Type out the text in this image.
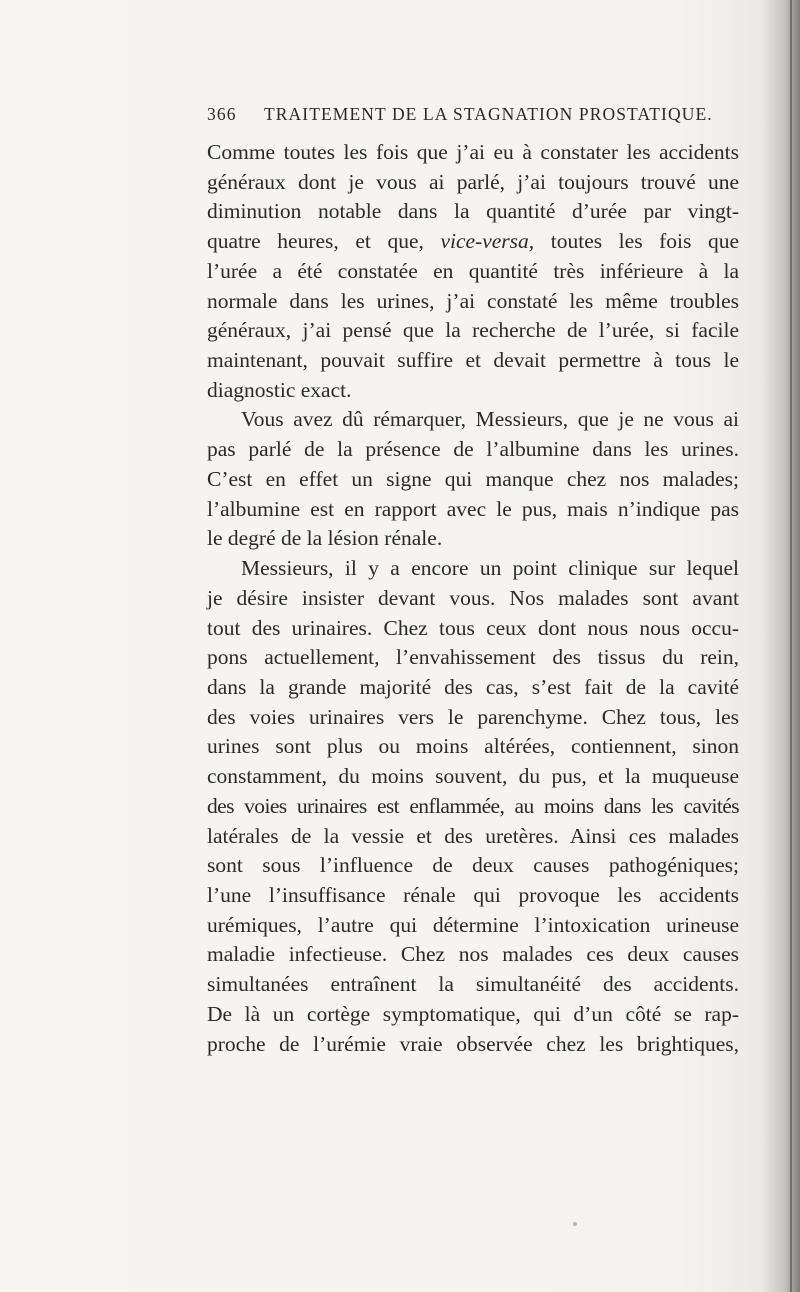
366 TRAITEMENT DE LA STAGNATION PROSTATIQUE.
Comme toutes les fois que j’ai eu à constater les accidents
généraux dont je vous ai parlé, j’ai toujours trouvé une
diminution notable dans la quantité d’urée par vingt-
quatre heures, et que, vice-versa, toutes les fois que
l’urée a été constatée en quantité très inférieure à la
normale dans les urines, j’ai constaté les même troubles
généraux, j’ai pensé que la recherche de l’urée, si facile
maintenant, pouvait suffire et devait permettre à tous le
diagnostic exact.
Vous avez dû rémarquer, Messieurs, que je ne vous ai
pas parlé de la présence de l’albumine dans les urines.
C’est en effet un signe qui manque chez nos malades;
l’albumine est en rapport avec le pus, mais n’indique pas
le degré de la lésion rénale.
Messieurs, il y a encore un point clinique sur lequel
je désire insister devant vous. Nos malades sont avant
tout des urinaires. Chez tous ceux dont nous nous occu-
pons actuellement, l’envahissement des tissus du rein,
dans la grande majorité des cas, s’est fait de la cavité
des voies urinaires vers le parenchyme. Chez tous, les
urines sont plus ou moins altérées, contiennent, sinon
constamment, du moins souvent, du pus, et la muqueuse
des voies urinaires est enflammée, au moins dans les cavités
latérales de la vessie et des uretères. Ainsi ces malades
sont sous l’influence de deux causes pathogéniques;
l’une l’insuffisance rénale qui provoque les accidents
urémiques, l’autre qui détermine l’intoxication urineuse
maladie infectieuse. Chez nos malades ces deux causes
simultanées entraînent la simultanéité des accidents.
De là un cortège symptomatique, qui d’un côté se rap-
proche de l’urémie vraie observée chez les brightiques,
